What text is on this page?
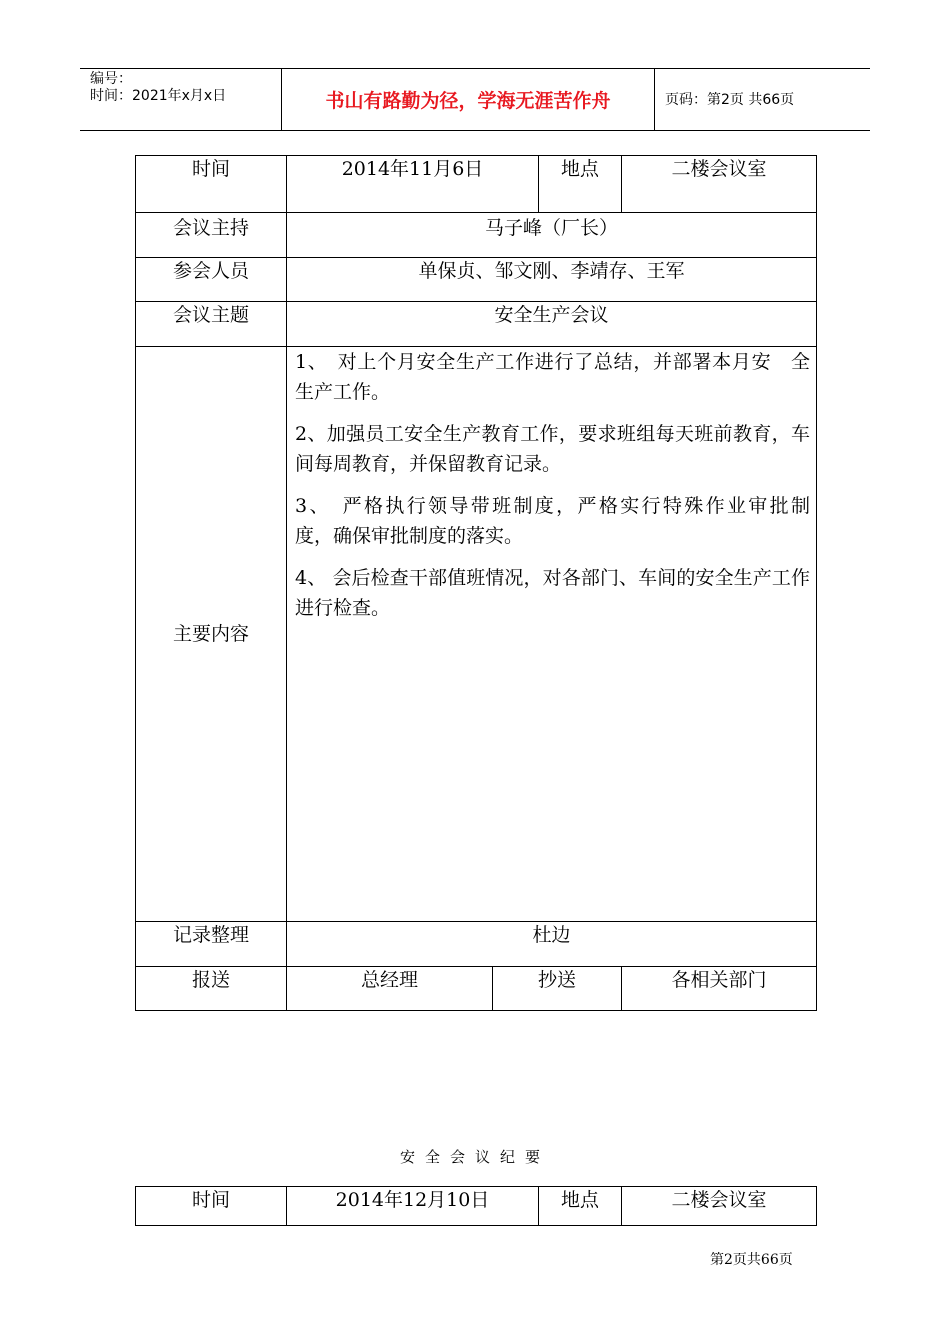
编号：
时间：2021年x月x日	书山有路勤为径，学海无涯苦作舟	页码：第2页 共66页
时间	2014年11月6日		地点	二楼会议室
会议主持	马子峰（厂长）			
参会人员	单保贞、邹文刚、李靖存、王军			
会议主题	安全生产会议			
主要内容	1、　对上个月安全生产工作进行了总结，并部署本月安　全生产工作。

2、加强员工安全生产教育工作，要求班组每天班前教育，车间每周教育，并保留教育记录。

3、　严格执行领导带班制度，严格实行特殊作业审批制　度，确保审批制度的落实。

4、 会后检查干部值班情况，对各部门、车间的安全生产工作进行检查。			

记录整理	杜边			
报送	总经理	抄送		各相关部门
安全会议纪要
时间	2014年12月10日	地点	二楼会议室
第2页共66页
